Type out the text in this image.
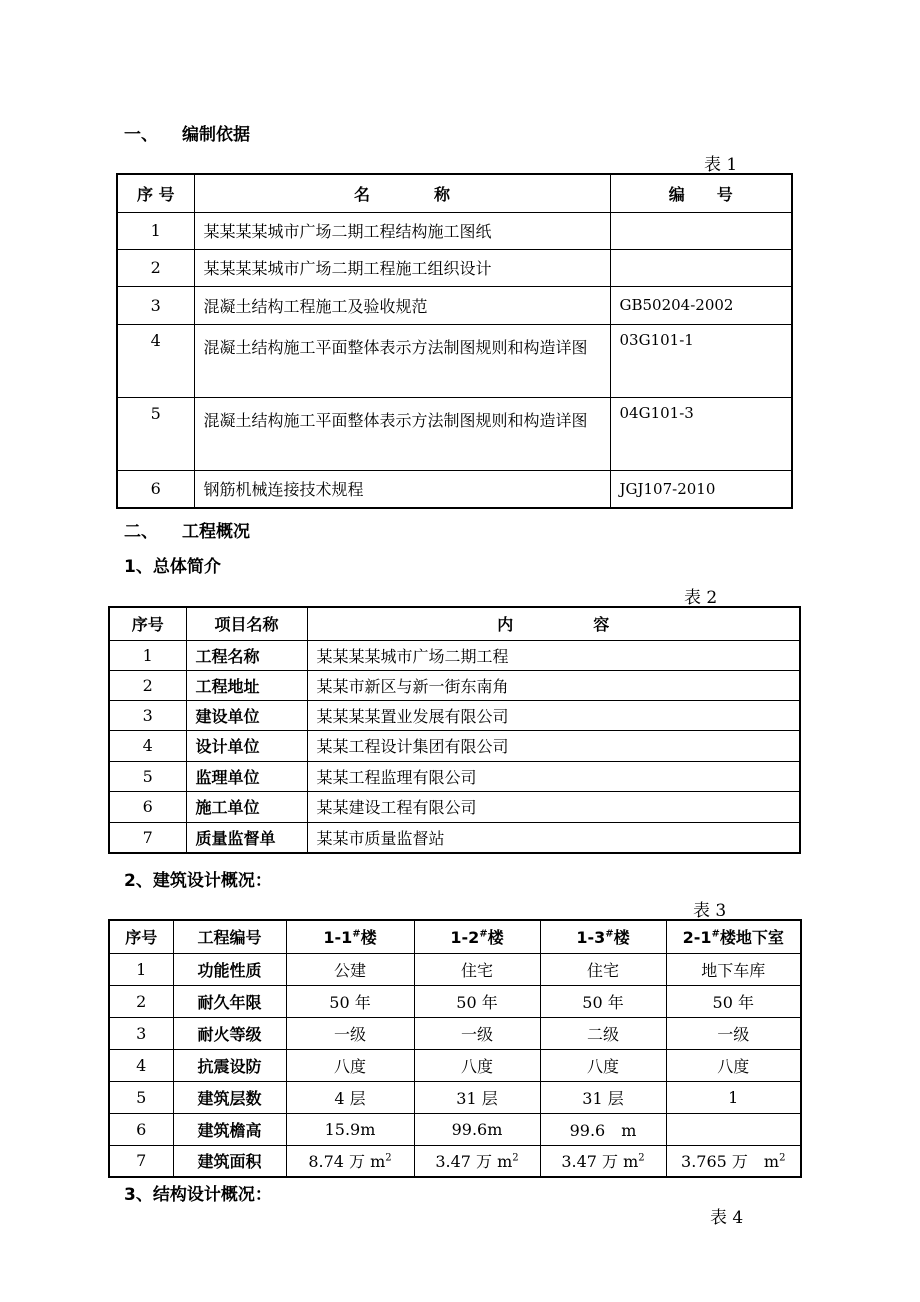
一、 编制依据
表 1
序 号	名　　　　称	编　　号
1	某某某某城市广场二期工程结构施工图纸	
2	某某某某城市广场二期工程施工组织设计	
3	混凝土结构工程施工及验收规范	GB50204-2002
4	混凝土结构施工平面整体表示方法制图规则和构造详图	03G101-1
5	混凝土结构施工平面整体表示方法制图规则和构造详图	04G101-3
6	钢筋机械连接技术规程	JGJ107-2010
二、 工程概况
1、总体简介
表 2
序号	项目名称	内　　　　　容
1	工程名称	某某某某城市广场二期工程
2	工程地址	某某市新区与新一街东南角
3	建设单位	某某某某置业发展有限公司
4	设计单位	某某工程设计集团有限公司
5	监理单位	某某工程监理有限公司
6	施工单位	某某建设工程有限公司
7	质量监督单	某某市质量监督站
2、建筑设计概况：
表 3
序号	工程编号	1-1#楼	1-2#楼	1-3#楼	2-1#楼地下室
1	功能性质	公建	住宅	住宅	地下车库
2	耐久年限	50 年	50 年	50 年	50 年
3	耐火等级	一级	一级	二级	一级
4	抗震设防	八度	八度	八度	八度
5	建筑层数	4 层	31 层	31 层	1
6	建筑檐高	15.9m	99.6m	99.6　m	
7	建筑面积	8.74 万 $m^2$	3.47 万 $m^2$	3.47 万 $m^2$	3.765 万　$m^2$
3、结构设计概况：
表 4
